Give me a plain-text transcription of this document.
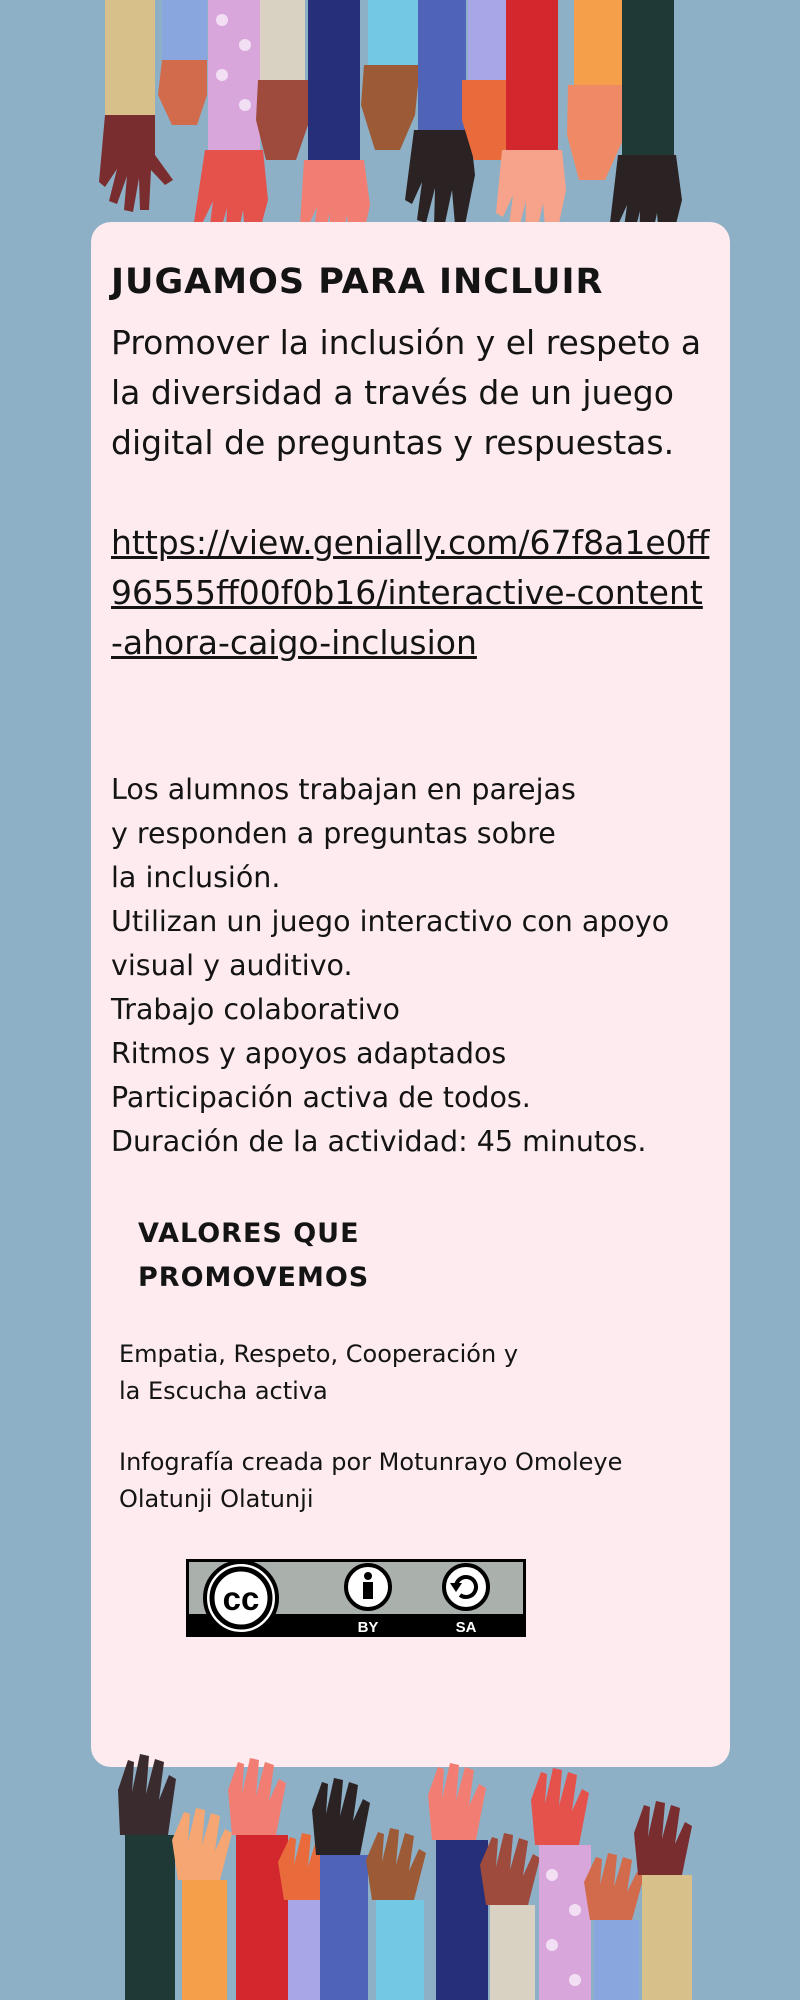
JUGAMOS PARA INCLUIR

Promover la inclusión y el respeto a la diversidad a través de un juego digital de preguntas y respuestas.

https://view.genially.com/67f8a1e0ff96555ff00f0b16/interactive-content-ahora-caigo-inclusion
Los alumnos trabajan en parejas
y responden a preguntas sobre
la inclusión.
Utilizan un juego interactivo con apoyo
visual y auditivo.
Trabajo colaborativo
Ritmos y apoyos adaptados
Participación activa de todos.
Duración de la actividad: 45 minutos.
VALORES QUE PROMOVEMOS

Empatia, Respeto, Cooperación y la Escucha activa

Infografía creada por Motunrayo Omoleye Olatunji Olatunji

cc
BY	SA
